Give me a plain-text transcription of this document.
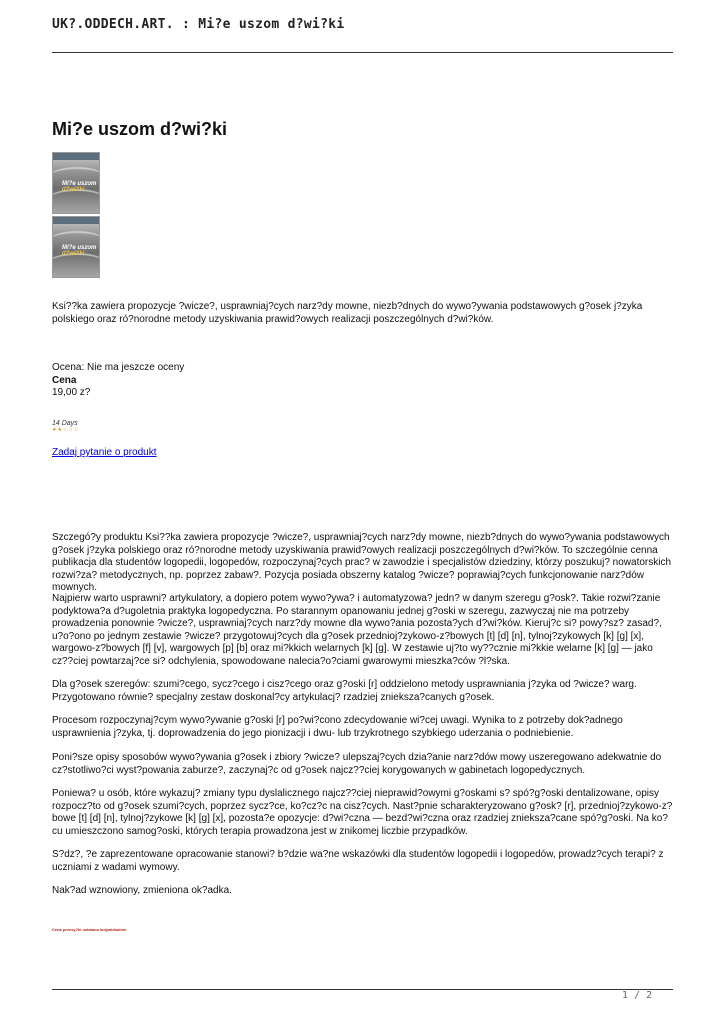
UK?.ODDECH.ART. : Mi?e uszom d?wi?ki
Mi?e uszom d?wi?ki
Mi?e uszom
d?wi?ki
Mi?e uszom
d?wi?ki

Ksi??ka zawiera propozycje ?wicze?, usprawniaj?cych narz?dy mowne, niezb?dnych do wywo?ywania podstawowych g?osek j?zyka polskiego oraz ró?norodne metody uzyskiwania prawid?owych realizacji poszczególnych d?wi?ków.

Ocena: Nie ma jeszcze oceny
Cena
19,00 z?
14 Days
★★☆☆☆
Zadaj pytanie o produkt

Szczegó?y produktu Ksi??ka zawiera propozycje ?wicze?, usprawniaj?cych narz?dy mowne, niezb?dnych do wywo?ywania podstawowych g?osek j?zyka polskiego oraz ró?norodne metody uzyskiwania prawid?owych realizacji poszczególnych d?wi?ków. To szczególnie cenna publikacja dla studentów logopedii, logopedów, rozpoczynaj?cych prac? w zawodzie i specjalistów dziedziny, którzy poszukuj? nowatorskich rozwi?za? metodycznych, np. poprzez zabaw?. Pozycja posiada obszerny katalog ?wicze? poprawiaj?cych funkcjonowanie narz?dów mownych.

Najpierw warto usprawni? artykulatory, a dopiero potem wywo?ywa? i automatyzowa? jedn? w danym szeregu g?osk?. Takie rozwi?zanie podyktowa?a d?ugoletnia praktyka logopedyczna. Po starannym opanowaniu jednej g?oski w szeregu, zazwyczaj nie ma potrzeby prowadzenia ponownie ?wicze?, usprawniaj?cych narz?dy mowne dla wywo?ania pozosta?ych d?wi?ków. Kieruj?c si? powy?sz? zasad?, u?o?ono po jednym zestawie ?wicze? przygotowuj?cych dla g?osek przednioj?zykowo-z?bowych [t] [d] [n], tylnoj?zykowych [k] [g] [x], wargowo-z?bowych [f] [v], wargowych [p] [b] oraz mi?kkich welarnych [k] [g]. W zestawie uj?to wy??cznie mi?kkie welarne [k] [g] — jako cz??ciej powtarzaj?ce si? odchylenia, spowodowane nalecia?o?ciami gwarowymi mieszka?ców ?l?ska.

Dla g?osek szeregów: szumi?cego, sycz?cego i cisz?cego oraz g?oski [r] oddzielono metody usprawniania j?zyka od ?wicze? warg. Przygotowano równie? specjalny zestaw doskonal?cy artykulacj? rzadziej znieksza?canych g?osek.

Procesom rozpoczynaj?cym wywo?ywanie g?oski [r] po?wi?cono zdecydowanie wi?cej uwagi. Wynika to z potrzeby dok?adnego usprawnienia j?zyka, tj. doprowadzenia do jego pionizacji i dwu- lub trzykrotnego szybkiego uderzania o podniebienie.

Poni?sze opisy sposobów wywo?ywania g?osek i zbiory ?wicze? ulepszaj?cych dzia?anie narz?dów mowy uszeregowano adekwatnie do cz?stotliwo?ci wyst?powania zaburze?, zaczynaj?c od g?osek najcz??ciej korygowanych w gabinetach logopedycznych.

Poniewa? u osób, które wykazuj? zmiany typu dyslalicznego najcz??ciej nieprawid?owymi g?oskami s? spó?g?oski dentalizowane, opisy rozpocz?to od g?osek szumi?cych, poprzez sycz?ce, ko?cz?c na cisz?cych. Nast?pnie scharakteryzowano g?osk? [r], przednioj?zykowo-z?bowe [t] [d] [n], tylnoj?zykowe [k] [g] [x], pozosta?e opozycje: d?wi?czna — bezd?wi?czna oraz rzadziej znieksza?cane spó?g?oski. Na ko?cu umieszczono samog?oski, których terapia prowadzona jest w znikomej liczbie przypadków.

S?dz?, ?e zaprezentowane opracowanie stanowi? b?dzie wa?ne wskazówki dla studentów logopedii i logopedów, prowadz?cych terapi? z uczniami z wadami wymowy.

Nak?ad wznowiony, zmieniona ok?adka.

Cena przesy?ki ustalana indywidualnie.
1 / 2
